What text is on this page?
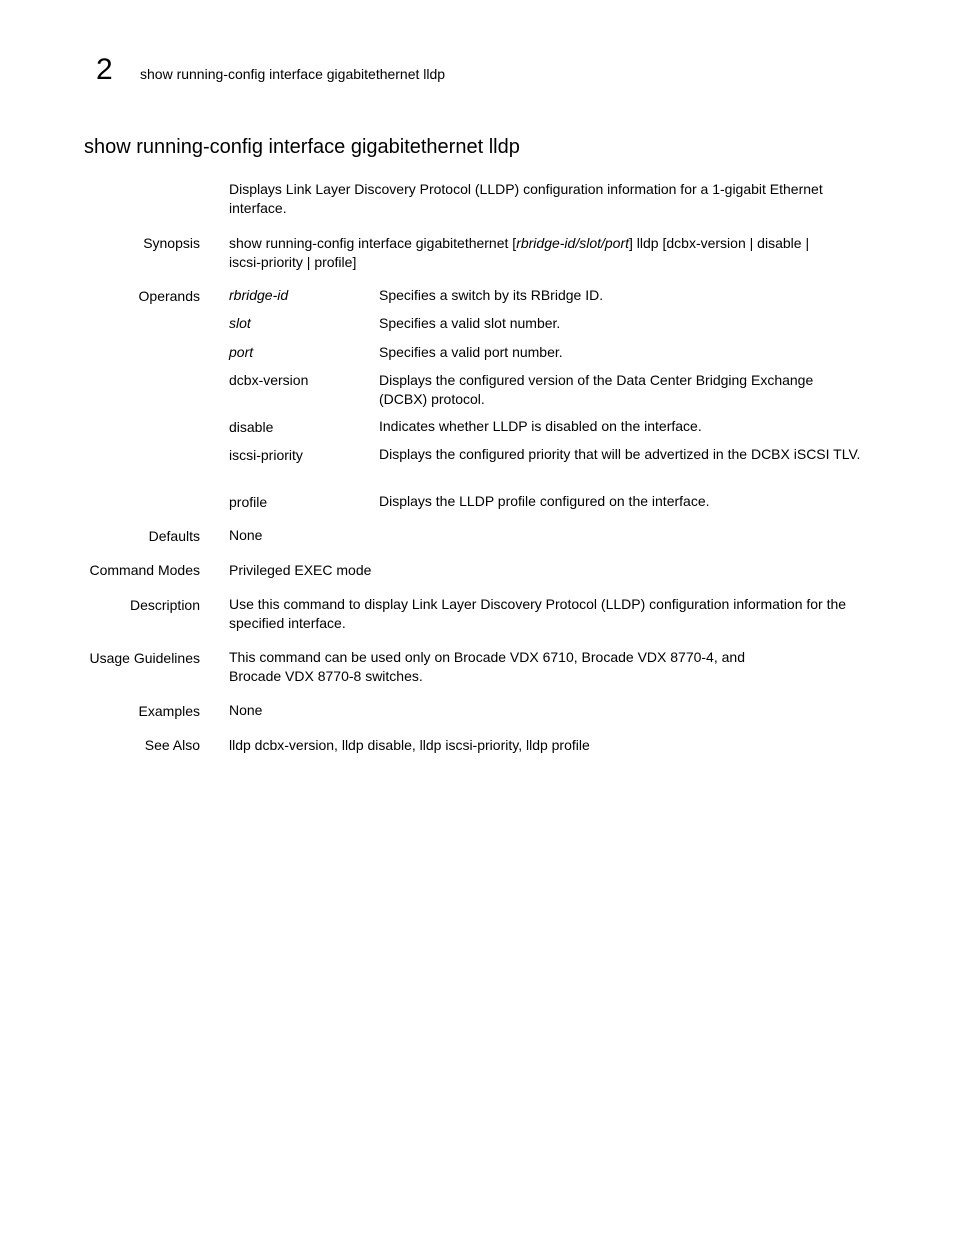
2 show running-config interface gigabitethernet lldp
show running-config interface gigabitethernet lldp
Displays Link Layer Discovery Protocol (LLDP) configuration information for a 1-gigabit Ethernet interface.
Synopsis show running-config interface gigabitethernet [rbridge-id/slot/port] lldp [dcbx-version | disable |
iscsi-priority | profile]
Operands rbridge-id	Specifies a switch by its RBridge ID.
slot	Specifies a valid slot number.
port	Specifies a valid port number.
dcbx-version	Displays the configured version of the Data Center Bridging Exchange (DCBX) protocol.
disable	Indicates whether LLDP is disabled on the interface.
iscsi-priority	Displays the configured priority that will be advertized in the DCBX iSCSI TLV.
profile	Displays the LLDP profile configured on the interface.
Defaults None
Command Modes Privileged EXEC mode
Description Use this command to display Link Layer Discovery Protocol (LLDP) configuration information for the specified interface.
Usage Guidelines This command can be used only on Brocade VDX 6710, Brocade VDX 8770-4, and
Brocade VDX 8770-8 switches.
Examples None
See Also lldp dcbx-version, lldp disable, lldp iscsi-priority, lldp profile
